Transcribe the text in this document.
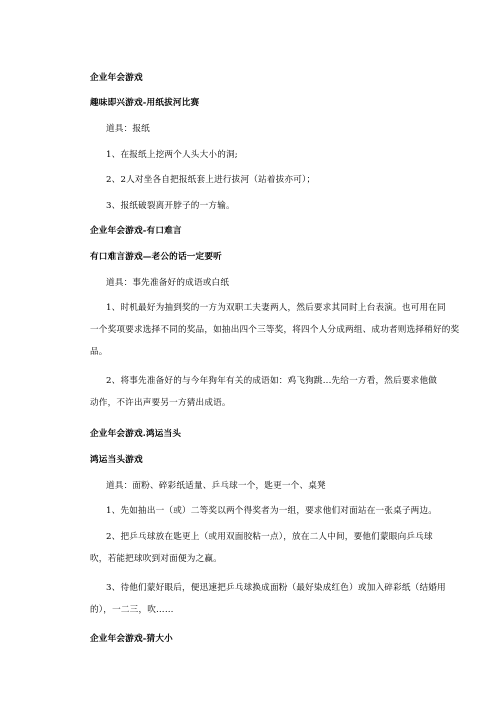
企业年会游戏
趣味即兴游戏-用纸拔河比赛
道具：报纸
1、在报纸上挖两个人头大小的洞;
2、2人对坐各自把报纸套上进行拔河（站着拔亦可）；
3、报纸破裂离开脖子的一方输。
企业年会游戏-有口难言
有口难言游戏—老公的话一定要听
道具：事先准备好的成语或白纸
1、时机最好为抽到奖的一方为双职工夫妻两人，然后要求其同时上台表演。也可用在同
一个奖项要求选择不同的奖品，如抽出四个三等奖，将四个人分成两组、成功者则选择稍好的奖
品。
2、将事先准备好的与今年狗年有关的成语如：鸡飞狗跳...先给一方看，然后要求他做
动作，不许出声要另一方猜出成语。
企业年会游戏.鸿运当头
鸿运当头游戏
道具：面粉、碎彩纸适量、乒乓球一个，匙更一个、桌凳
1、先如抽出一（或）二等奖以两个得奖者为一组，要求他们对面站在一张桌子两边。
2、把乒乓球放在匙更上（或用双面胶粘一点），放在二人中间，要他们蒙眼向乒乓球
吹，若能把球吹到对面便为之赢。
3、待他们蒙好眼后，便迅速把乒乓球换成面粉（最好染成红色）或加入碎彩纸（结婚用
的），一二三，吹……
企业年会游戏-猜大小
